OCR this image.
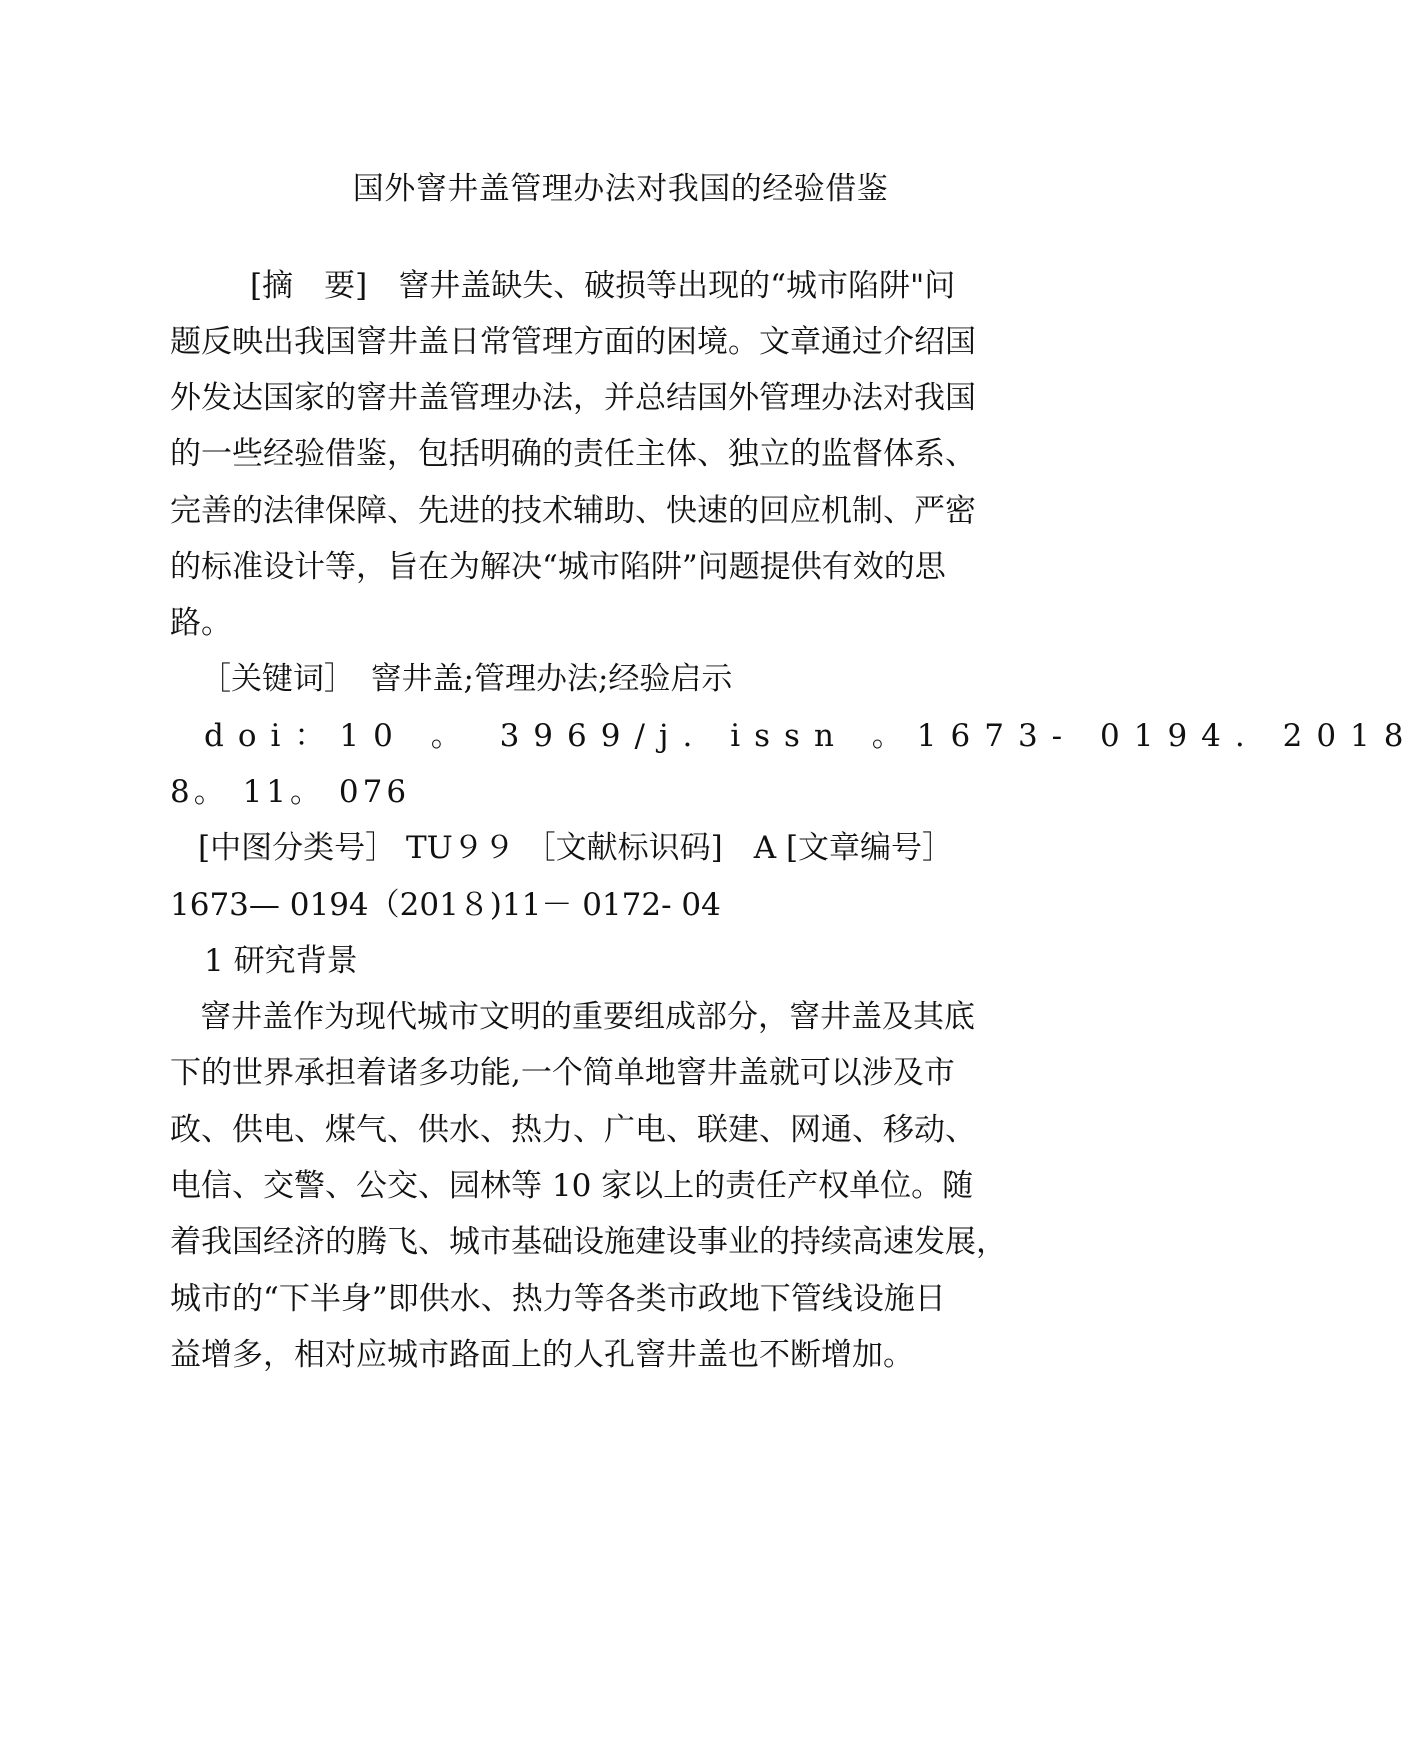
国外窨井盖管理办法对我国的经验借鉴
[摘　要]　窨井盖缺失、破损等出现的“城市陷阱"问
题反映出我国窨井盖日常管理方面的困境。文章通过介绍国
外发达国家的窨井盖管理办法，并总结国外管理办法对我国
的一些经验借鉴，包括明确的责任主体、独立的监督体系、
完善的法律保障、先进的技术辅助、快速的回应机制、严密
的标准设计等，旨在为解决“城市陷阱”问题提供有效的思
路。
［关键词］　窨井盖;管理办法;经验启示
doi：10 。 3969/j. issn 。1673- 0194. 2018
8。 11。 076
[中图分类号］ TU９９ ［文献标识码]　A [文章编号］
1673— 0194（201８)11－ 0172- 04
1 研究背景
窨井盖作为现代城市文明的重要组成部分，窨井盖及其底
下的世界承担着诸多功能,一个简单地窨井盖就可以涉及市
政、供电、煤气、供水、热力、广电、联建、网通、移动、
电信、交警、公交、园林等 10 家以上的责任产权单位。随
着我国经济的腾飞、城市基础设施建设事业的持续高速发展，
城市的“下半身”即供水、热力等各类市政地下管线设施日
益增多，相对应城市路面上的人孔窨井盖也不断增加。
